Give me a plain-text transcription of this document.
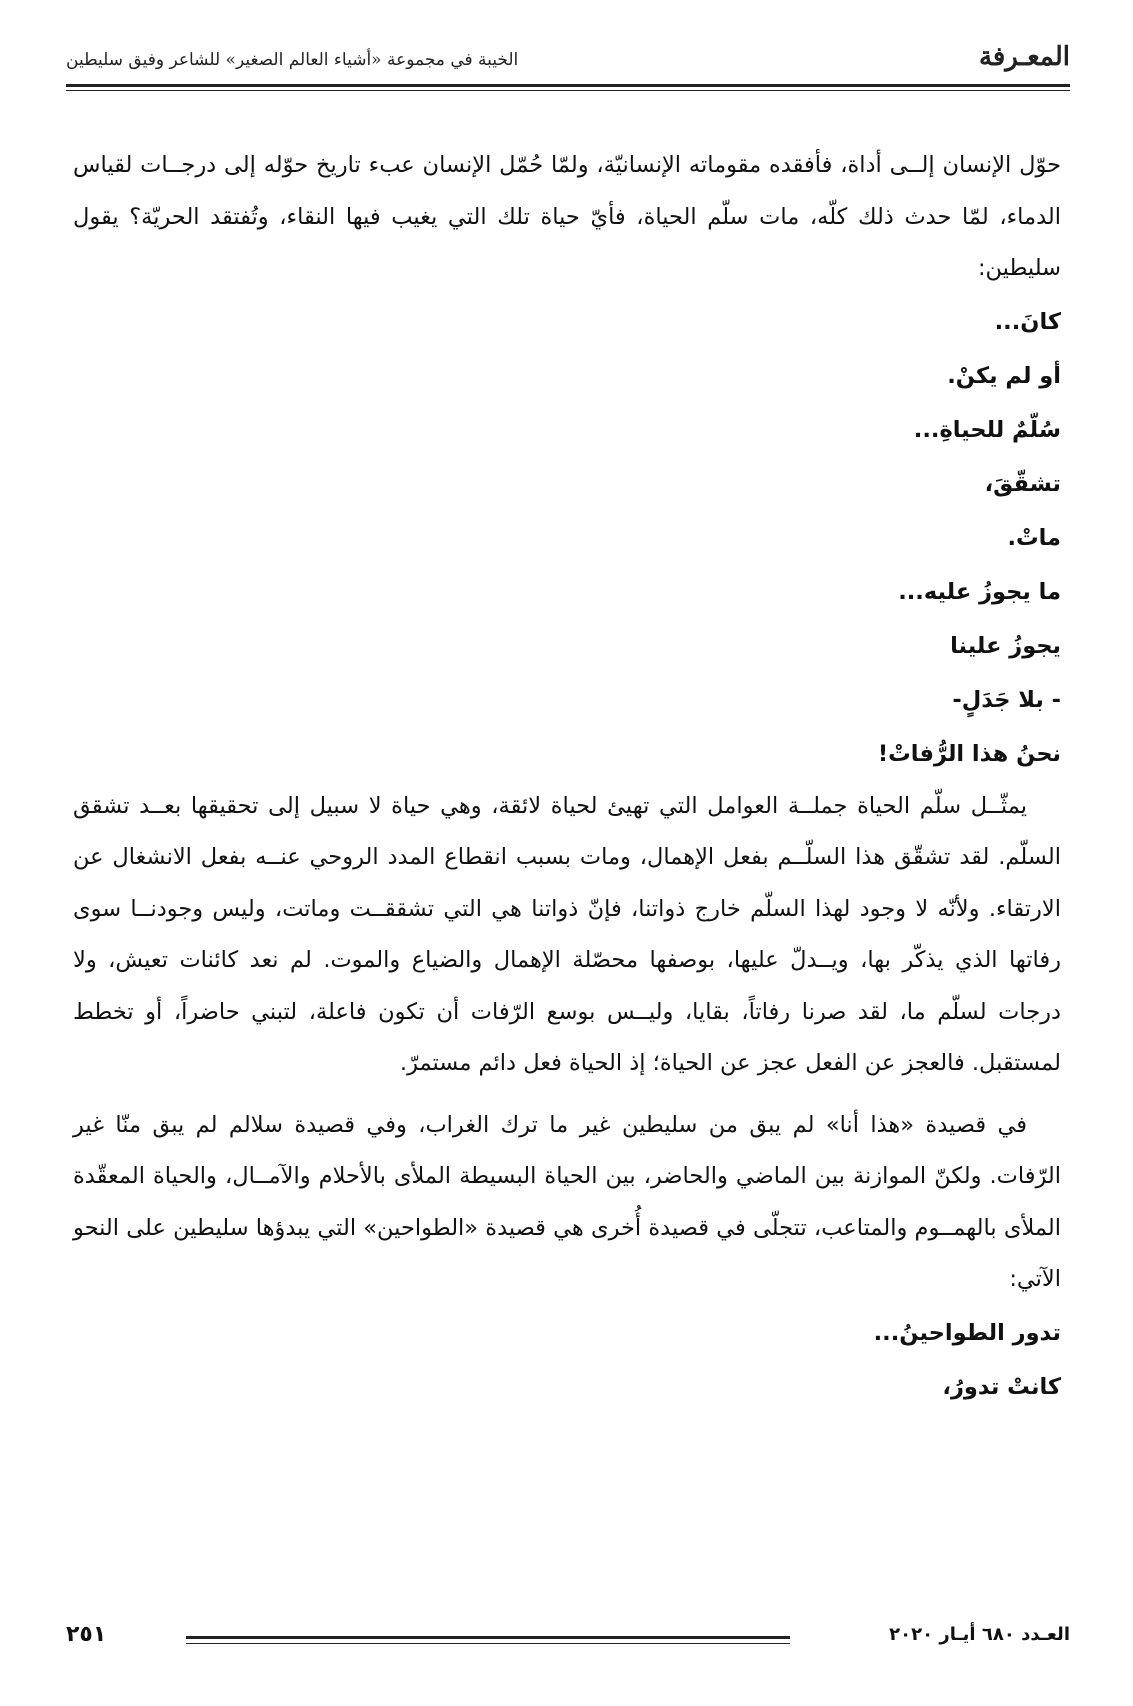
المعـرفة
الخيبة في مجموعة «أشياء العالم الصغير» للشاعر وفيق سليطين

حوّل الإنسان إلــى أداة، فأفقده مقوماته الإنسانيّة، ولمّا حُمّل الإنسان عبء تاريخ حوّله إلى درجــات لقياس الدماء، لمّا حدث ذلك كلّه، مات سلّم الحياة، فأيّ حياة تلك التي يغيب فيها النقاء، وتُفتقد الحريّة؟ يقول سليطين:

كانَ...

أو لم يكنْ.

سُلّمٌ للحياةِ...

تشقّقَ،

ماتْ.

ما يجوزُ عليه...

يجوزُ علينا

- بلا جَدَلٍ-

نحنُ هذا الرُّفاتْ!

يمثّــل سلّم الحياة جملــة العوامل التي تهيئ لحياة لائقة، وهي حياة لا سبيل إلى تحقيقها بعــد تشقق السلّم. لقد تشقّق هذا السلّــم بفعل الإهمال، ومات بسبب انقطاع المدد الروحي عنــه بفعل الانشغال عن الارتقاء. ولأنّه لا وجود لهذا السلّم خارج ذواتنا، فإنّ ذواتنا هي التي تشققــت وماتت، وليس وجودنــا سوى رفاتها الذي يذكّر بها، ويــدلّ عليها، بوصفها محصّلة الإهمال والضياع والموت. لم نعد كائنات تعيش، ولا درجات لسلّم ما، لقد صرنا رفاتاً، بقايا، وليــس بوسع الرّفات أن تكون فاعلة، لتبني حاضراً، أو تخطط لمستقبل. فالعجز عن الفعل عجز عن الحياة؛ إذ الحياة فعل دائم مستمرّ.

في قصيدة «هذا أنا» لم يبق من سليطين غير ما ترك الغراب، وفي قصيدة سلالم لم يبق منّا غير الرّفات. ولكنّ الموازنة بين الماضي والحاضر، بين الحياة البسيطة الملأى بالأحلام والآمــال، والحياة المعقّدة الملأى بالهمــوم والمتاعب، تتجلّى في قصيدة أُخرى هي قصيدة «الطواحين» التي يبدؤها سليطين على النحو الآتي:

تدور الطواحينُ...

كانتْ تدورُ،

٢٥١	العـدد ٦٨٠ أيـار ٢٠٢٠
